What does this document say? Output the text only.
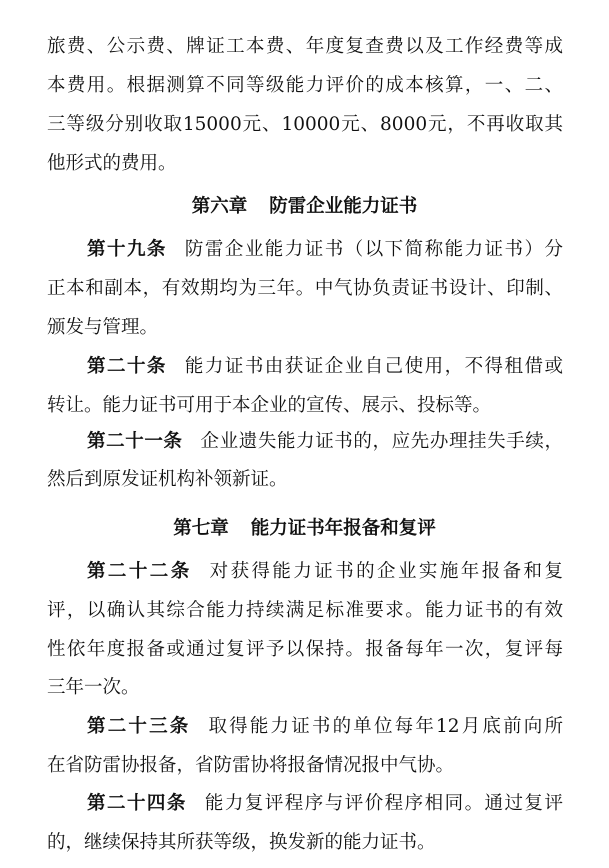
旅费、公示费、牌证工本费、年度复查费以及工作经费等成
本费用。根据测算不同等级能力评价的成本核算，一、二、
三等级分别收取15000元、10000元、8000元，不再收取其
他形式的费用。
第六章 防雷企业能力证书
第十九条 防雷企业能力证书（以下简称能力证书）分
正本和副本，有效期均为三年。中气协负责证书设计、印制、
颁发与管理。
第二十条 能力证书由获证企业自己使用，不得租借或
转让。能力证书可用于本企业的宣传、展示、投标等。
第二十一条 企业遗失能力证书的，应先办理挂失手续，
然后到原发证机构补领新证。
第七章 能力证书年报备和复评
第二十二条 对获得能力证书的企业实施年报备和复
评，以确认其综合能力持续满足标准要求。能力证书的有效
性依年度报备或通过复评予以保持。报备每年一次，复评每
三年一次。
第二十三条 取得能力证书的单位每年12月底前向所
在省防雷协报备，省防雷协将报备情况报中气协。
第二十四条 能力复评程序与评价程序相同。通过复评
的，继续保持其所获等级，换发新的能力证书。
